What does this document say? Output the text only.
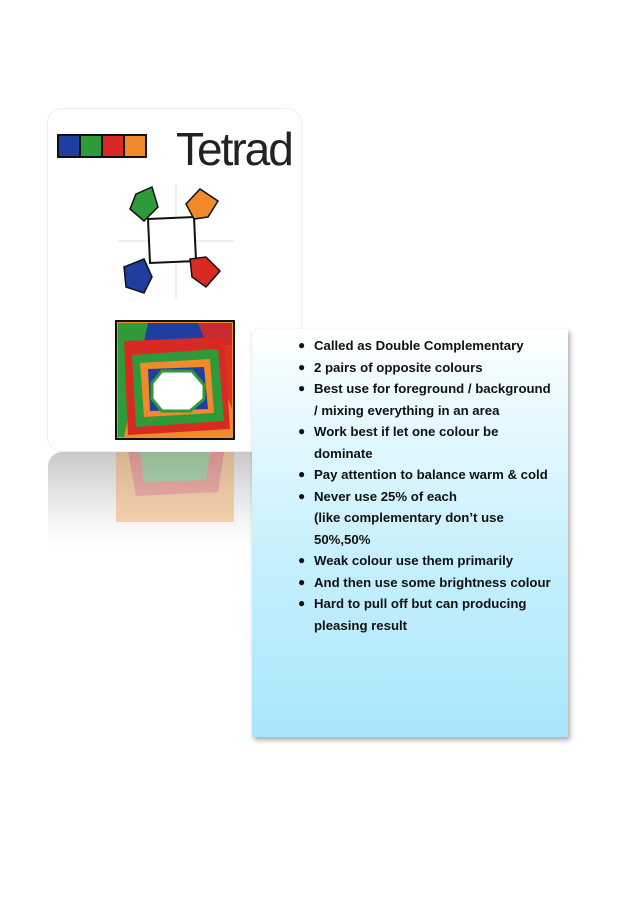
Tetrad
● Called as Double Complementary
● 2 pairs of opposite colours
● Best use for foreground / background / mixing everything in an area
● Work best if let one colour be dominate
● Pay attention to balance warm & cold
● Never use 25% of each
(like complementary don’t use 50%,50%
● Weak colour use them primarily
● And then use some brightness colour
● Hard to pull off but can producing pleasing result
